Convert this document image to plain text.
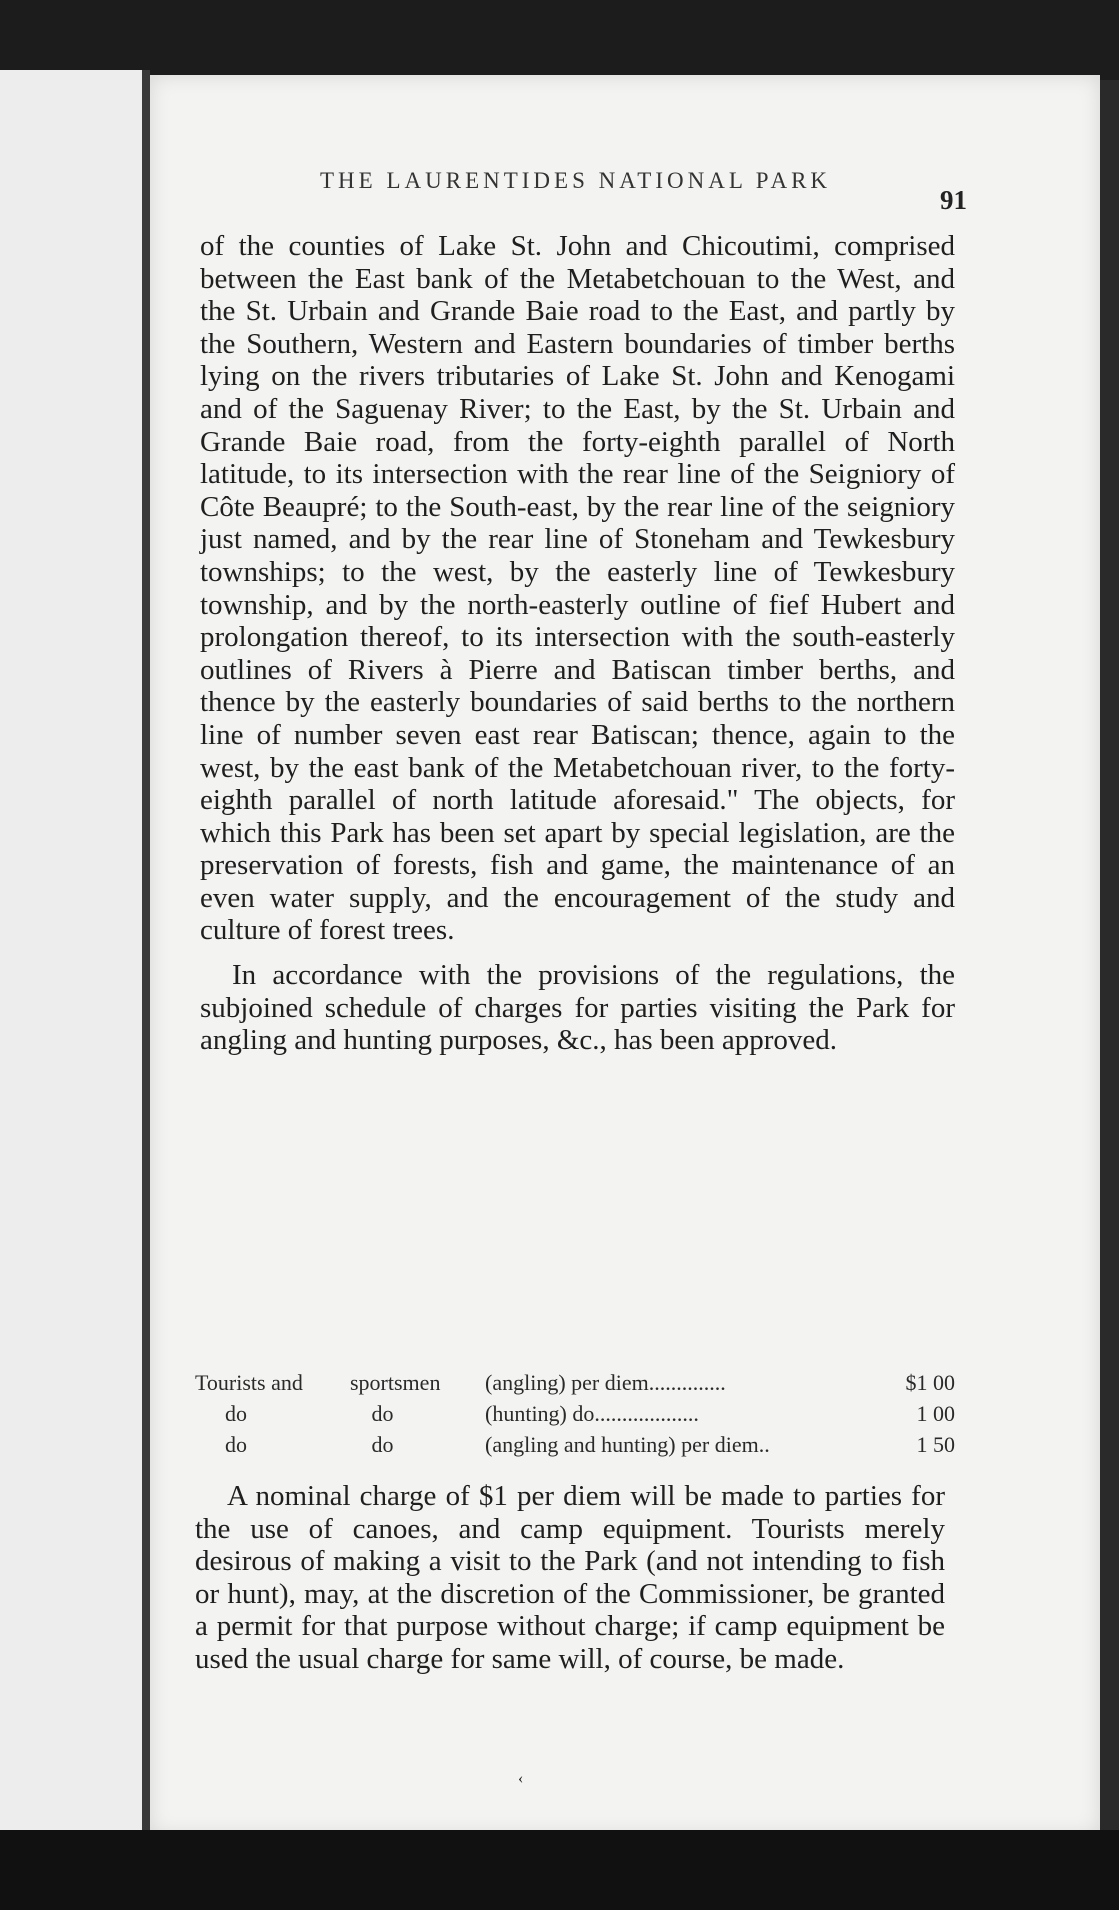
THE LAURENTIDES NATIONAL PARK
91

of the counties of Lake St. John and Chicoutimi, comprised between the East bank of the Metabetchouan to the West, and the St. Urbain and Grande Baie road to the East, and partly by the Southern, Western and Eastern boundaries of timber berths lying on the rivers tributaries of Lake St. John and Kenogami and of the Saguenay River; to the East, by the St. Urbain and Grande Baie road, from the forty-eighth parallel of North latitude, to its intersection with the rear line of the Seigniory of Côte Beaupré; to the South-east, by the rear line of the seigniory just named, and by the rear line of Stoneham and Tewkesbury townships; to the west, by the easterly line of Tewkesbury township, and by the north-easterly outline of fief Hubert and prolongation thereof, to its intersection with the south-easterly outlines of Rivers à Pierre and Batiscan timber berths, and thence by the easterly boundaries of said berths to the northern line of number seven east rear Batiscan; thence, again to the west, by the east bank of the Metabetchouan river, to the forty-eighth parallel of north latitude aforesaid." The objects, for which this Park has been set apart by special legislation, are the preservation of forests, fish and game, the maintenance of an even water supply, and the encouragement of the study and culture of forest trees.

In accordance with the provisions of the regulations, the subjoined schedule of charges for parties visiting the Park for angling and hunting purposes, &c., has been approved.

Tourists and	sportsmen	(angling) per diem..............	$1 00
do	do	(hunting) do...................	1 00
do	do	(angling and hunting) per diem..	1 50

A nominal charge of $1 per diem will be made to parties for the use of canoes, and camp equipment. Tourists merely desirous of making a visit to the Park (and not intending to fish or hunt), may, at the discretion of the Commissioner, be granted a permit for that purpose without charge; if camp equipment be used the usual charge for same will, of course, be made.

‹
